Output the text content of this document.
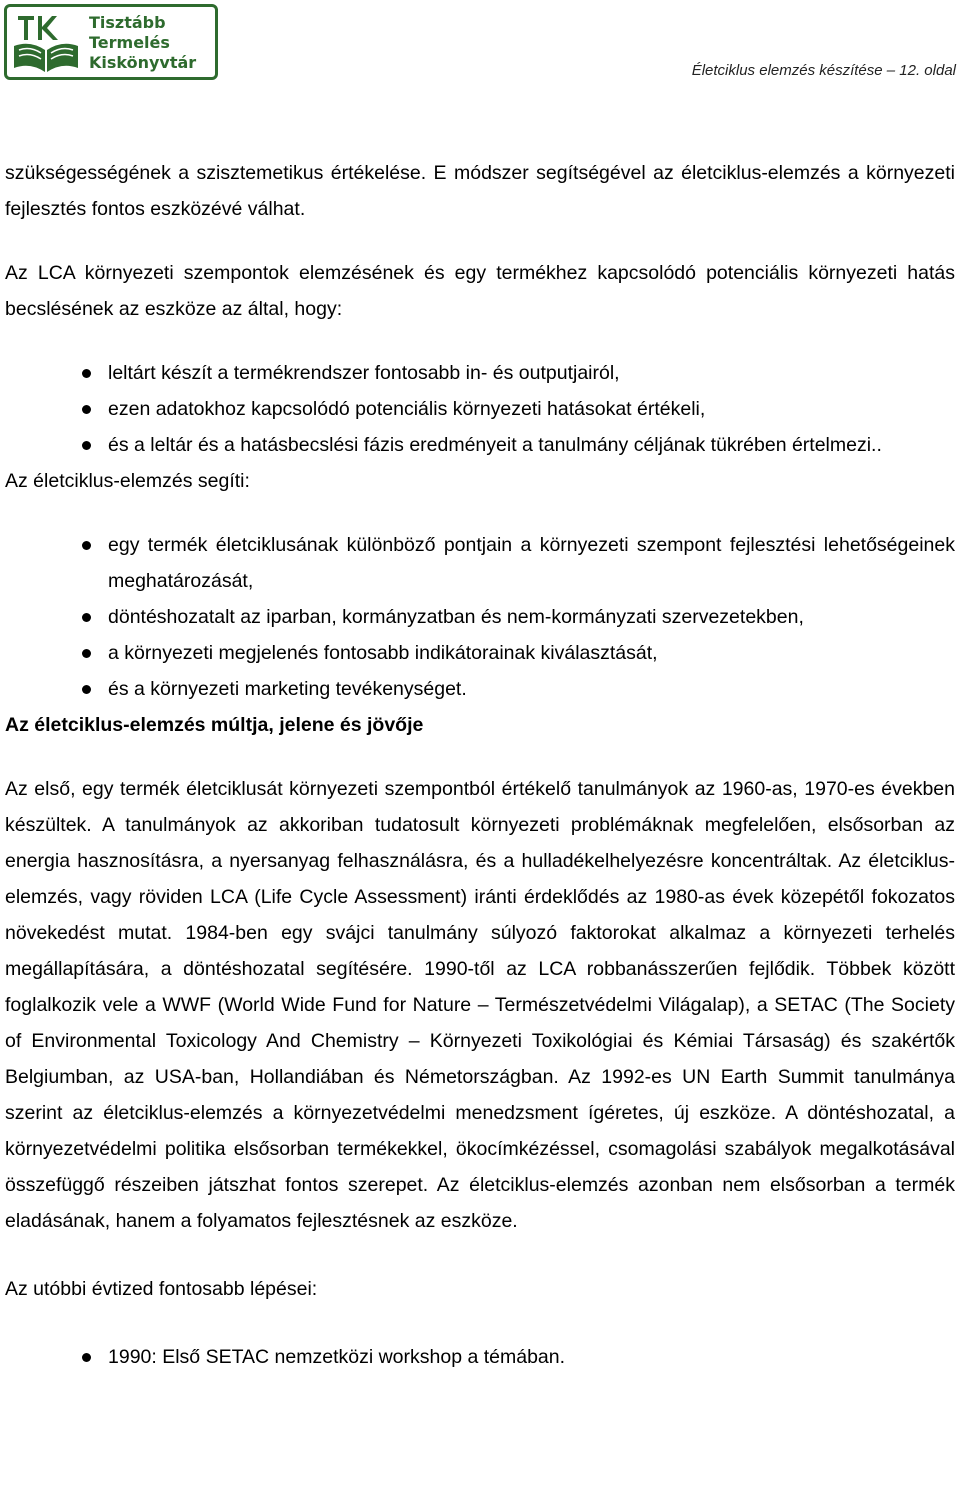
Tisztább
Termelés
Kiskönyvtár	Életciklus elemzés készítése – 12. oldal

szükségességének a szisztemetikus értékelése. E módszer segítségével az életciklus-elemzés a környezeti fejlesztés fontos eszközévé válhat.

Az LCA környezeti szempontok elemzésének és egy termékhez kapcsolódó potenciális környezeti hatás becslésének az eszköze az által, hogy:

leltárt készít a termékrendszer fontosabb in- és outputjairól,
ezen adatokhoz kapcsolódó potenciális környezeti hatásokat értékeli,
és a leltár és a hatásbecslési fázis eredményeit a tanulmány céljának tükrében értelmezi..

Az életciklus-elemzés segíti:

egy termék életciklusának különböző pontjain a környezeti szempont fejlesztési lehetőségeinek meghatározását,
döntéshozatalt az iparban, kormányzatban és nem-kormányzati szervezetekben,
a környezeti megjelenés fontosabb indikátorainak kiválasztását,
és a környezeti marketing tevékenységet.

Az életciklus-elemzés múltja, jelene és jövője

Az első, egy termék életciklusát környezeti szempontból értékelő tanulmányok az 1960-as, 1970-es években készültek. A tanulmányok az akkoriban tudatosult környezeti problémáknak megfelelően, elsősorban az energia hasznosításra, a nyersanyag felhasználásra, és a hulladékelhelyezésre koncentráltak. Az életciklus-elemzés, vagy röviden LCA (Life Cycle Assessment) iránti érdeklődés az 1980-as évek közepétől fokozatos növekedést mutat. 1984-ben egy svájci tanulmány súlyozó faktorokat alkalmaz a környezeti terhelés megállapítására, a döntéshozatal segítésére. 1990-től az LCA robbanásszerűen fejlődik. Többek között foglalkozik vele a WWF (World Wide Fund for Nature – Természetvédelmi Világalap), a SETAC (The Society of Environmental Toxicology And Chemistry – Környezeti Toxikológiai és Kémiai Társaság) és szakértők Belgiumban, az USA-ban, Hollandiában és Németországban. Az 1992-es UN Earth Summit tanulmánya szerint az életciklus-elemzés a környezetvédelmi menedzsment ígéretes, új eszköze. A döntéshozatal, a környezetvédelmi politika elsősorban termékekkel, ökocímkézéssel, csomagolási szabályok megalkotásával összefüggő részeiben játszhat fontos szerepet. Az életciklus-elemzés azonban nem elsősorban a termék eladásának, hanem a folyamatos fejlesztésnek az eszköze.

Az utóbbi évtized fontosabb lépései:

1990: Első SETAC nemzetközi workshop a témában.
